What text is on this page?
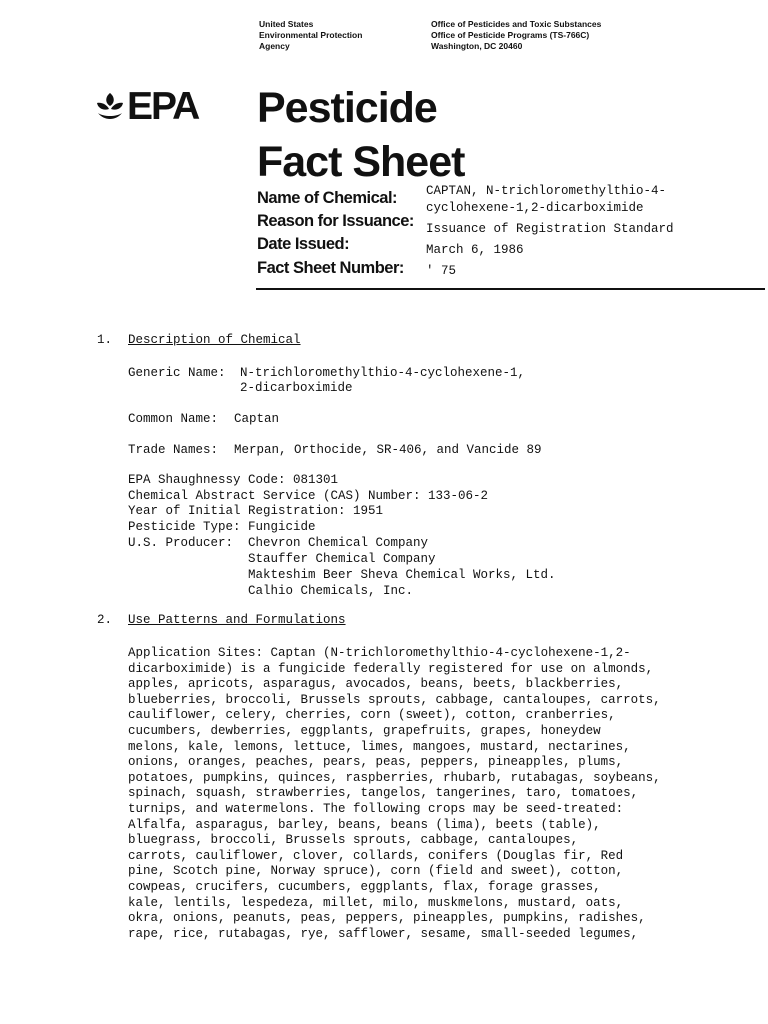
United States
Environmental Protection
Agency
Office of Pesticides and Toxic Substances
Office of Pesticide Programs (TS-766C)
Washington, DC 20460
EPA Pesticide
Fact Sheet
Name of Chemical: CAPTAN, N-trichloromethylthio-4-
cyclohexene-1,2-dicarboximide
Reason for Issuance: Issuance of Registration Standard
Date Issued:	March 6, 1986
Fact Sheet Number: ' 75
1. Description of Chemical
Generic Name: N-trichloromethylthio-4-cyclohexene-1,
2-dicarboximide
Common Name: Captan
Trade Names: Merpan, Orthocide, SR-406, and Vancide 89
EPA Shaughnessy Code: 081301
Chemical Abstract Service (CAS) Number: 133-06-2
Year of Initial Registration: 1951
Pesticide Type: Fungicide
U.S. Producer: Chevron Chemical Company
Stauffer Chemical Company
Makteshim Beer Sheva Chemical Works, Ltd.
Calhio Chemicals, Inc.
2. Use Patterns and Formulations
Application Sites: Captan (N-trichloromethylthio-4-cyclohexene-1,2-
dicarboximide) is a fungicide federally registered for use on almonds,
apples, apricots, asparagus, avocados, beans, beets, blackberries,
blueberries, broccoli, Brussels sprouts, cabbage, cantaloupes, carrots,
cauliflower, celery, cherries, corn (sweet), cotton, cranberries,
cucumbers, dewberries, eggplants, grapefruits, grapes, honeydew
melons, kale, lemons, lettuce, limes, mangoes, mustard, nectarines,
onions, oranges, peaches, pears, peas, peppers, pineapples, plums,
potatoes, pumpkins, quinces, raspberries, rhubarb, rutabagas, soybeans,
spinach, squash, strawberries, tangelos, tangerines, taro, tomatoes,
turnips, and watermelons. The following crops may be seed-treated:
Alfalfa, asparagus, barley, beans, beans (lima), beets (table),
bluegrass, broccoli, Brussels sprouts, cabbage, cantaloupes,
carrots, cauliflower, clover, collards, conifers (Douglas fir, Red
pine, Scotch pine, Norway spruce), corn (field and sweet), cotton,
cowpeas, crucifers, cucumbers, eggplants, flax, forage grasses,
kale, lentils, lespedeza, millet, milo, muskmelons, mustard, oats,
okra, onions, peanuts, peas, peppers, pineapples, pumpkins, radishes,
rape, rice, rutabagas, rye, safflower, sesame, small-seeded legumes,
